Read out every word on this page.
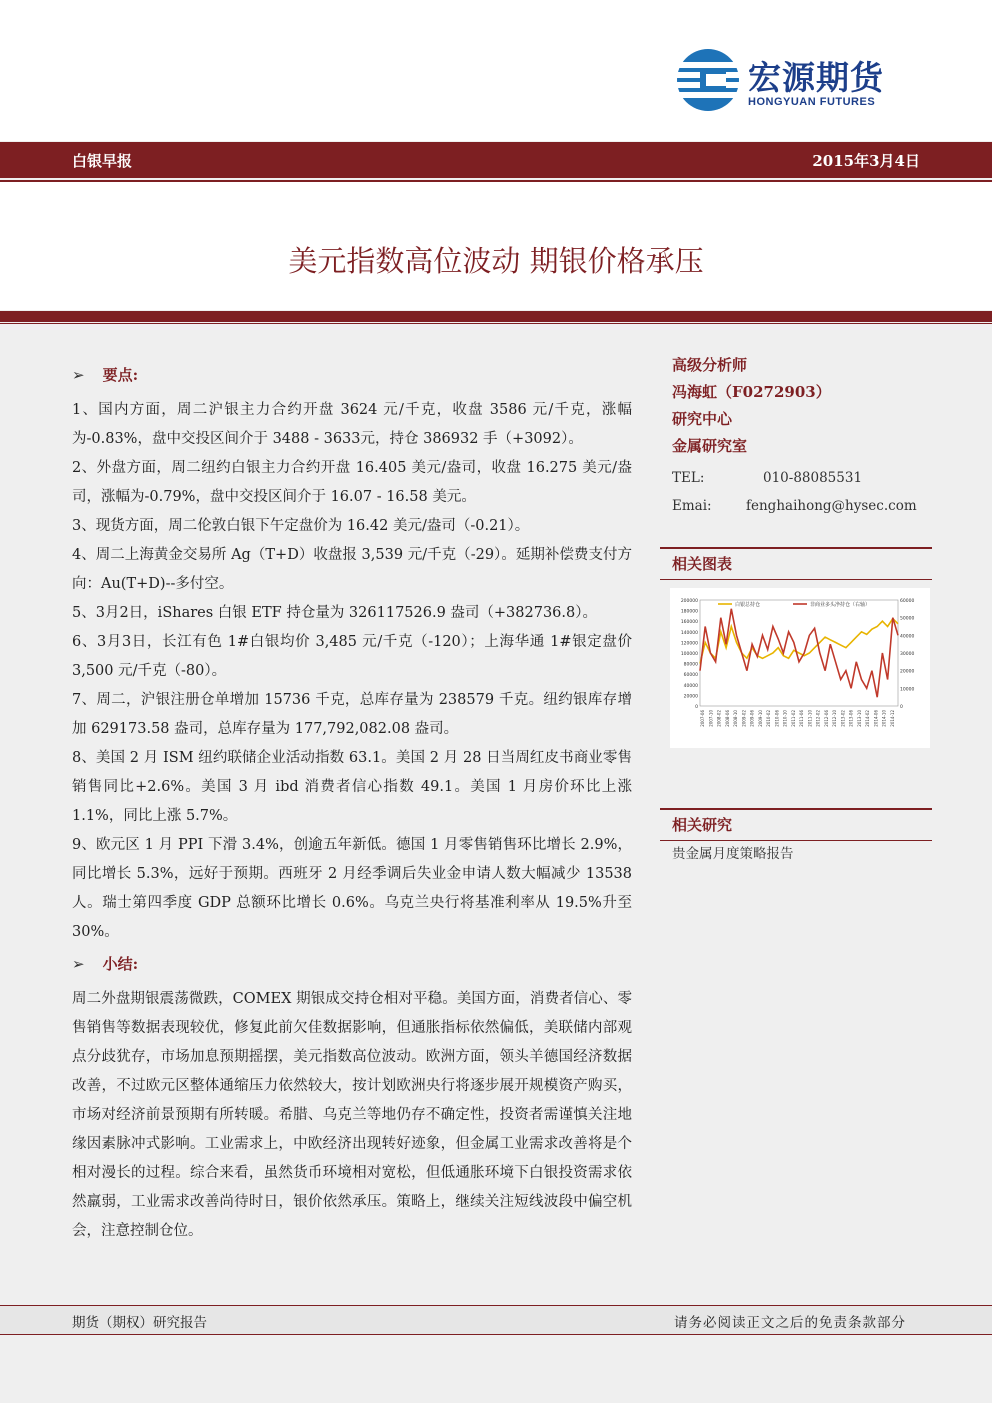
宏源期货
HONGYUAN FUTURES
白银早报	2015年3月4日
美元指数高位波动 期银价格承压
➢ 要点:

1、国内方面，周二沪银主力合约开盘 3624 元/千克，收盘 3586 元/千克，涨幅为-0.83%，盘中交投区间介于 3488 - 3633元，持仓 386932 手（+3092）。

2、外盘方面，周二纽约白银主力合约开盘 16.405 美元/盎司，收盘 16.275 美元/盎司，涨幅为-0.79%，盘中交投区间介于 16.07 - 16.58 美元。

3、现货方面，周二伦敦白银下午定盘价为 16.42 美元/盎司（-0.21）。

4、周二上海黄金交易所 Ag（T+D）收盘报 3,539 元/千克（-29）。延期补偿费支付方向：Au(T+D)--多付空。

5、3月2日，iShares 白银 ETF 持仓量为 326117526.9 盎司（+382736.8）。

6、3月3日，长江有色 1#白银均价 3,485 元/千克（-120）；上海华通 1#银定盘价 3,500 元/千克（-80）。

7、周二，沪银注册仓单增加 15736 千克，总库存量为 238579 千克。纽约银库存增加 629173.58 盎司，总库存量为 177,792,082.08 盎司。

8、美国 2 月 ISM 纽约联储企业活动指数 63.1。美国 2 月 28 日当周红皮书商业零售销售同比+2.6%。美国 3 月 ibd 消费者信心指数 49.1。美国 1 月房价环比上涨 1.1%，同比上涨 5.7%。

9、欧元区 1 月 PPI 下滑 3.4%，创逾五年新低。德国 1 月零售销售环比增长 2.9%，同比增长 5.3%，远好于预期。西班牙 2 月经季调后失业金申请人数大幅减少 13538 人。瑞士第四季度 GDP 总额环比增长 0.6%。乌克兰央行将基准利率从 19.5%升至 30%。

➢ 小结:

周二外盘期银震荡微跌，COMEX 期银成交持仓相对平稳。美国方面，消费者信心、零售销售等数据表现较优，修复此前欠佳数据影响，但通胀指标依然偏低，美联储内部观点分歧犹存，市场加息预期摇摆，美元指数高位波动。欧洲方面，领头羊德国经济数据改善，不过欧元区整体通缩压力依然较大，按计划欧洲央行将逐步展开规模资产购买，市场对经济前景预期有所转暖。希腊、乌克兰等地仍存不确定性，投资者需谨慎关注地缘因素脉冲式影响。工业需求上，中欧经济出现转好迹象，但金属工业需求改善将是个相对漫长的过程。综合来看，虽然货币环境相对宽松，但低通胀环境下白银投资需求依然羸弱，工业需求改善尚待时日，银价依然承压。策略上，继续关注短线波段中偏空机会，注意控制仓位。

高级分析师
冯海虹（F0272903）
研究中心
金属研究室
TEL:	010-88085531
Emai:	fenghaihong@hysec.com
相关图表
200000
180000
160000
140000
120000
100000
80000
60000
40000
20000
0
60000
50000
40000
30000
20000
10000
0
2007-06 2007-10 2008-02 2008-06 2008-10 2009-02 2009-06 2009-10 2010-02 2010-06 2010-10 2011-02 2011-06 2011-10 2012-02 2012-06 2012-10 2013-02 2013-06 2013-10 2014-02 2014-06 2014-10 2014-12
白银总持仓	非商业多头净持仓（右轴）
相关研究
贵金属月度策略报告
期货（期权）研究报告	请务必阅读正文之后的免责条款部分
